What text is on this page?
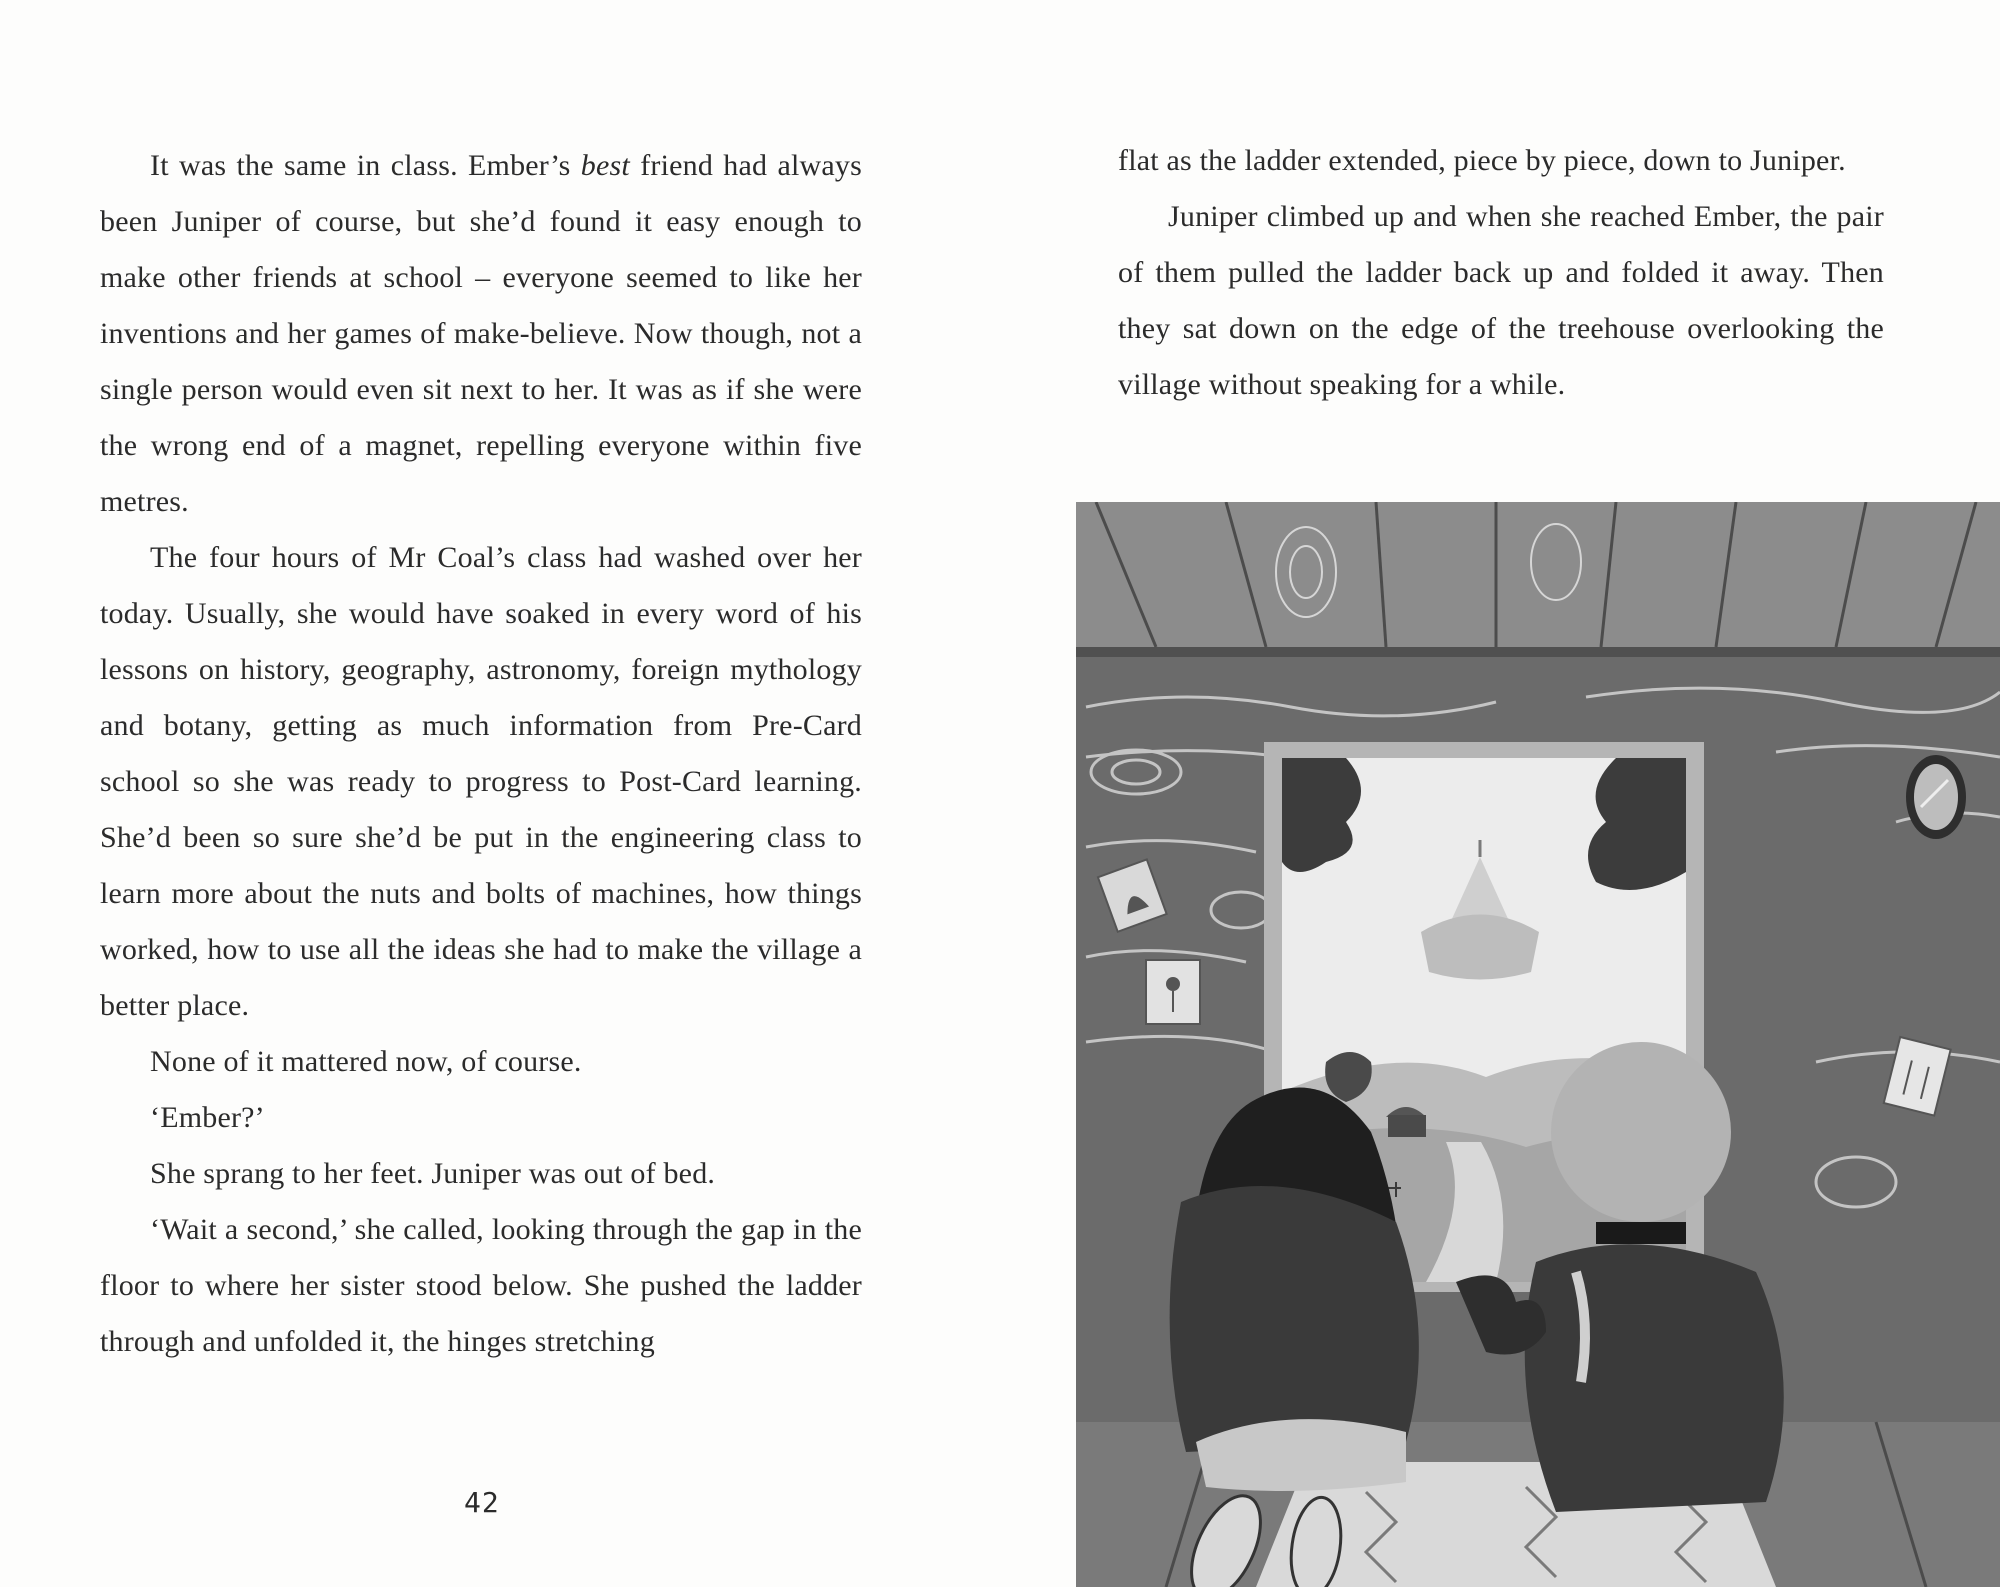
It was the same in class. Ember’s best friend had always been Juniper of course, but she’d found it easy enough to make other friends at school – everyone seemed to like her inventions and her games of make-believe. Now though, not a single person would even sit next to her. It was as if she were the wrong end of a magnet, repelling everyone within five metres.

The four hours of Mr Coal’s class had washed over her today. Usually, she would have soaked in every word of his lessons on history, geography, astronomy, foreign mythology and botany, getting as much information from Pre-Card school so she was ready to progress to Post-Card learning. She’d been so sure she’d be put in the engineering class to learn more about the nuts and bolts of machines, how things worked, how to use all the ideas she had to make the village a better place.

None of it mattered now, of course.

‘Ember?’

She sprang to her feet. Juniper was out of bed.

‘Wait a second,’ she called, looking through the gap in the floor to where her sister stood below. She pushed the ladder through and unfolded it, the hinges stretching

42

flat as the ladder extended, piece by piece, down to Juniper.

Juniper climbed up and when she reached Ember, the pair of them pulled the ladder back up and folded it away. Then they sat down on the edge of the treehouse overlooking the village without speaking for a while.
